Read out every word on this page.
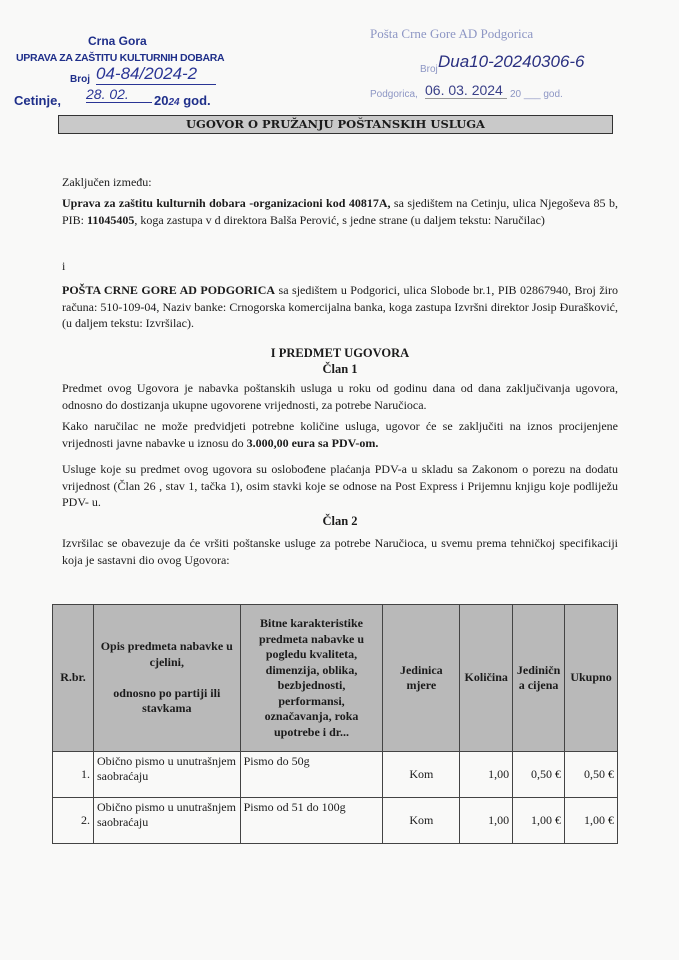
Crna Gora
UPRAVA ZA ZAŠTITU KULTURNIH DOBARA
Broj 04-84/2024-2
Cetinje, 28. 02.	2024 god.
Pošta Crne Gore AD Podgorica
Broj Dua10-20240306-6
Podgorica, 06. 03. 2024 20 ___ god.
UGOVOR O PRUŽANJU POŠTANSKIH USLUGA
Zaključen između:
Uprava za zaštitu kulturnih dobara -organizacioni kod 40817A, sa sjedištem na Cetinju, ulica Njegoševa 85 b, PIB: 11045405, koga zastupa v d direktora Balša Perović, s jedne strane (u daljem tekstu: Naručilac)
i
POŠTA CRNE GORE AD PODGORICA sa sjedištem u Podgorici, ulica Slobode br.1, PIB 02867940, Broj žiro računa: 510-109-04, Naziv banke: Crnogorska komercijalna banka, koga zastupa Izvršni direktor Josip Đurašković, (u daljem tekstu: Izvršilac).
I PREDMET UGOVORA
Član 1
Predmet ovog Ugovora je nabavka poštanskih usluga u roku od godinu dana od dana zaključivanja ugovora, odnosno do dostizanja ukupne ugovorene vrijednosti, za potrebe Naručioca.
Kako naručilac ne može predvidjeti potrebne količine usluga, ugovor će se zaključiti na iznos procijenjene vrijednosti javne nabavke u iznosu do 3.000,00 eura sa PDV-om.
Usluge koje su predmet ovog ugovora su oslobođene plaćanja PDV-a u skladu sa Zakonom o porezu na dodatu vrijednost (Član 26 , stav 1, tačka 1), osim stavki koje se odnose na Post Express i Prijemnu knjigu koje podliježu PDV- u.
Član 2
Izvršilac se obavezuje da će vršiti poštanske usluge za potrebe Naručioca, u svemu prema tehničkoj specifikaciji koja je sastavni dio ovog Ugovora:
R.br.	Opis predmeta nabavke u cjelini,

odnosno po partiji ili stavkama	Bitne karakteristike predmeta nabavke u pogledu kvaliteta, dimenzija, oblika, bezbjednosti, performansi, označavanja, roka upotrebe i dr...	Jedinica mjere	Količina	Jedinična cijena	Ukupno
1.	Obično pismo u unutrašnjem saobraćaju	Pismo do 50g	Kom	1,00	0,50 €	0,50 €
2.	Obično pismo u unutrašnjem saobraćaju	Pismo od 51 do 100g	Kom	1,00	1,00 €	1,00 €
